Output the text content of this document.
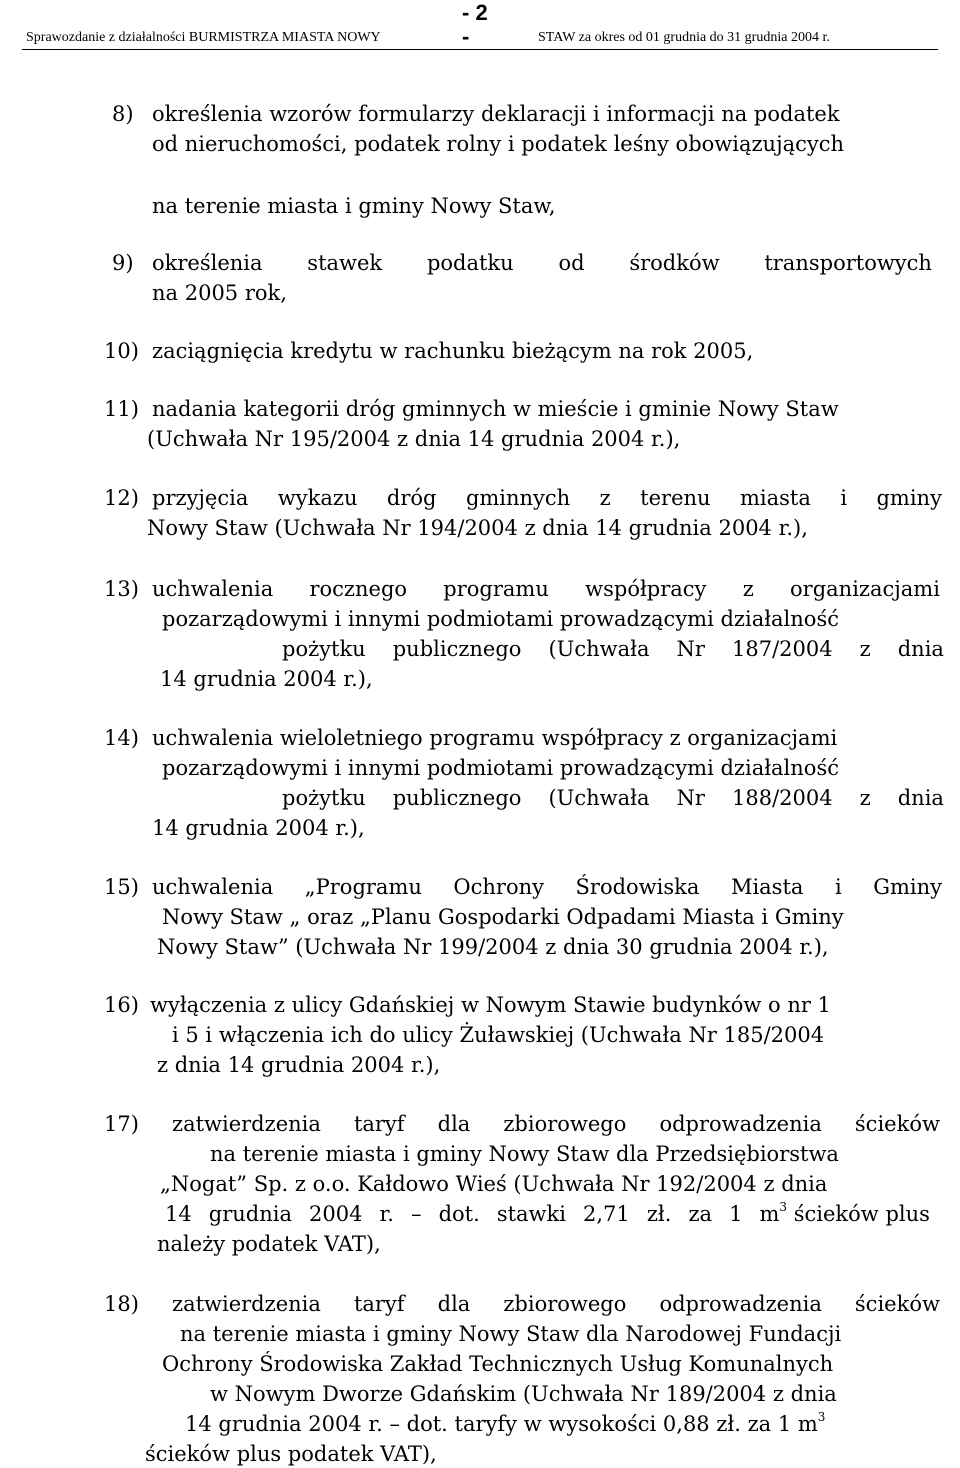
Sprawozdanie z działalności BURMISTRZA MIASTA NOWY
- 2
-	STAW za okres od 01 grudnia do 31 grudnia 2004 r.
8) określenia wzorów formularzy deklaracji i informacji na podatek
od nieruchomości, podatek rolny i podatek leśny obowiązujących
na terenie miasta i gminy Nowy Staw,
9) określenia stawek podatku od środków transportowych
na 2005 rok,
10) zaciągnięcia kredytu w rachunku bieżącym na rok 2005,
11) nadania kategorii dróg gminnych w mieście i gminie Nowy Staw
(Uchwała Nr 195/2004 z dnia 14 grudnia 2004 r.),
12) przyjęcia wykazu dróg gminnych z terenu miasta i gminy
Nowy Staw (Uchwała Nr 194/2004 z dnia 14 grudnia 2004 r.),
13) uchwalenia rocznego programu współpracy z organizacjami
pozarządowymi i innymi podmiotami prowadzącymi działalność
pożytku publicznego (Uchwała Nr 187/2004 z dnia
14 grudnia 2004 r.),
14) uchwalenia wieloletniego programu współpracy z organizacjami
pozarządowymi i innymi podmiotami prowadzącymi działalność
pożytku publicznego (Uchwała Nr 188/2004 z dnia
14 grudnia 2004 r.),
15) uchwalenia „Programu Ochrony Środowiska Miasta i Gminy
Nowy Staw „ oraz „Planu Gospodarki Odpadami Miasta i Gminy
Nowy Staw” (Uchwała Nr 199/2004 z dnia 30 grudnia 2004 r.),
16) wyłączenia z ulicy Gdańskiej w Nowym Stawie budynków o nr 1
i 5 i włączenia ich do ulicy Żuławskiej (Uchwała Nr 185/2004
z dnia 14 grudnia 2004 r.),
17) zatwierdzenia taryf dla zbiorowego odprowadzenia ścieków
na terenie miasta i gminy Nowy Staw dla Przedsiębiorstwa
„Nogat” Sp. z o.o. Kałdowo Wieś (Uchwała Nr 192/2004 z dnia
14 grudnia 2004 r. – dot. stawki 2,71 zł. za 1 $m^3$ ścieków plus
należy podatek VAT),
18) zatwierdzenia taryf dla zbiorowego odprowadzenia ścieków
na terenie miasta i gminy Nowy Staw dla Narodowej Fundacji
Ochrony Środowiska Zakład Technicznych Usług Komunalnych
w Nowym Dworze Gdańskim (Uchwała Nr 189/2004 z dnia
14 grudnia 2004 r. – dot. taryfy w wysokości 0,88 zł. za 1 $m^3$
ścieków plus podatek VAT),
